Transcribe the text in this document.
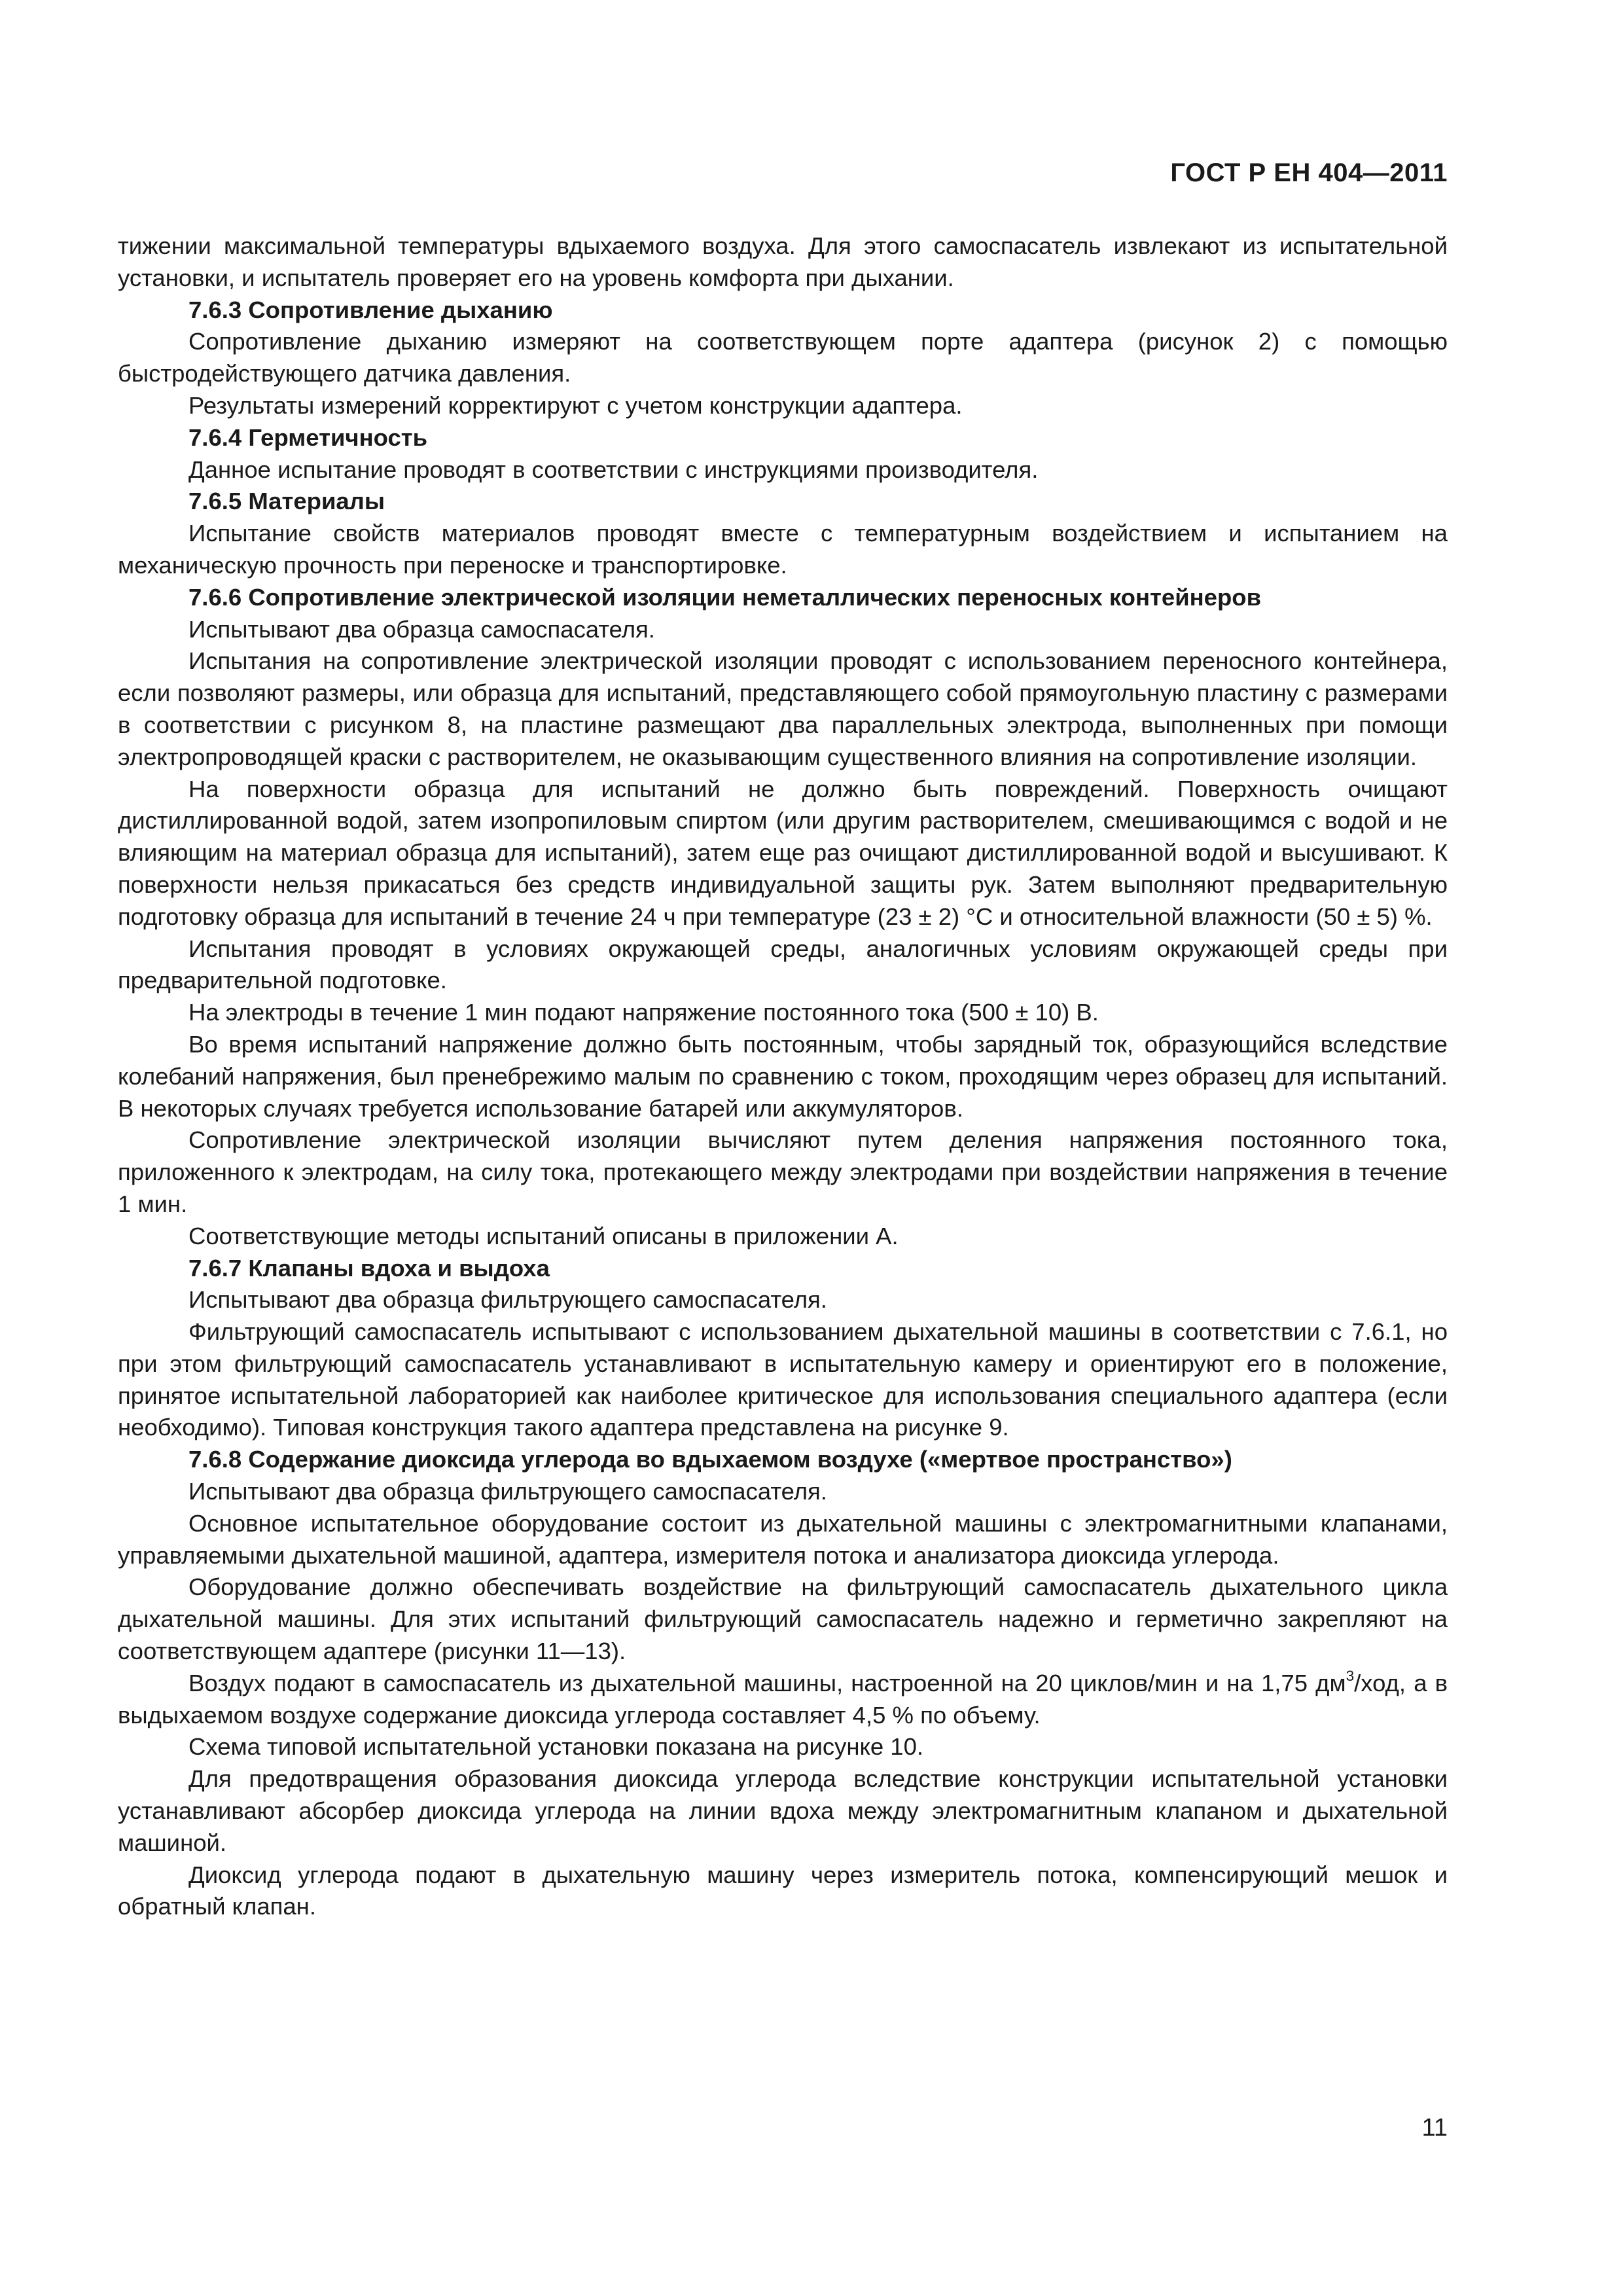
ГОСТ Р ЕН 404—2011

тижении максимальной температуры вдыхаемого воздуха. Для этого самоспасатель извлекают из испытательной установки, и испытатель проверяет его на уровень комфорта при дыхании.

7.6.3 Сопротивление дыханию

Сопротивление дыханию измеряют на соответствующем порте адаптера (рисунок 2) с помощью быстродействующего датчика давления.

Результаты измерений корректируют с учетом конструкции адаптера.

7.6.4 Герметичность

Данное испытание проводят в соответствии с инструкциями производителя.

7.6.5 Материалы

Испытание свойств материалов проводят вместе с температурным воздействием и испытанием на механическую прочность при переноске и транспортировке.

7.6.6 Сопротивление электрической изоляции неметаллических переносных контейнеров

Испытывают два образца самоспасателя.

Испытания на сопротивление электрической изоляции проводят с использованием переносного контейнера, если позволяют размеры, или образца для испытаний, представляющего собой прямоугольную пластину с размерами в соответствии с рисунком 8, на пластине размещают два параллельных электрода, выполненных при помощи электропроводящей краски с растворителем, не оказывающим существенного влияния на сопротивление изоляции.

На поверхности образца для испытаний не должно быть повреждений. Поверхность очищают дистиллированной водой, затем изопропиловым спиртом (или другим растворителем, смешивающимся с водой и не влияющим на материал образца для испытаний), затем еще раз очищают дистиллированной водой и высушивают. К поверхности нельзя прикасаться без средств индивидуальной защиты рук. Затем выполняют предварительную подготовку образца для испытаний в течение 24 ч при температуре (23 ± 2) °С и относительной влажности (50 ± 5) %.

Испытания проводят в условиях окружающей среды, аналогичных условиям окружающей среды при предварительной подготовке.

На электроды в течение 1 мин подают напряжение постоянного тока (500 ± 10) В.

Во время испытаний напряжение должно быть постоянным, чтобы зарядный ток, образующийся вследствие колебаний напряжения, был пренебрежимо малым по сравнению с током, проходящим через образец для испытаний. В некоторых случаях требуется использование батарей или аккумуляторов.

Сопротивление электрической изоляции вычисляют путем деления напряжения постоянного тока, приложенного к электродам, на силу тока, протекающего между электродами при воздействии напряжения в течение 1 мин.

Соответствующие методы испытаний описаны в приложении А.

7.6.7 Клапаны вдоха и выдоха

Испытывают два образца фильтрующего самоспасателя.

Фильтрующий самоспасатель испытывают с использованием дыхательной машины в соответствии с 7.6.1, но при этом фильтрующий самоспасатель устанавливают в испытательную камеру и ориентируют его в положение, принятое испытательной лабораторией как наиболее критическое для использования специального адаптера (если необходимо). Типовая конструкция такого адаптера представлена на рисунке 9.

7.6.8 Содержание диоксида углерода во вдыхаемом воздухе («мертвое пространство»)

Испытывают два образца фильтрующего самоспасателя.

Основное испытательное оборудование состоит из дыхательной машины с электромагнитными клапанами, управляемыми дыхательной машиной, адаптера, измерителя потока и анализатора диоксида углерода.

Оборудование должно обеспечивать воздействие на фильтрующий самоспасатель дыхательного цикла дыхательной машины. Для этих испытаний фильтрующий самоспасатель надежно и герметично закрепляют на соответствующем адаптере (рисунки 11—13).

Воздух подают в самоспасатель из дыхательной машины, настроенной на 20 циклов/мин и на 1,75 $дм^3$/ход, а в выдыхаемом воздухе содержание диоксида углерода составляет 4,5 % по объему.

Схема типовой испытательной установки показана на рисунке 10.

Для предотвращения образования диоксида углерода вследствие конструкции испытательной установки устанавливают абсорбер диоксида углерода на линии вдоха между электромагнитным клапаном и дыхательной машиной.

Диоксид углерода подают в дыхательную машину через измеритель потока, компенсирующий мешок и обратный клапан.

11
